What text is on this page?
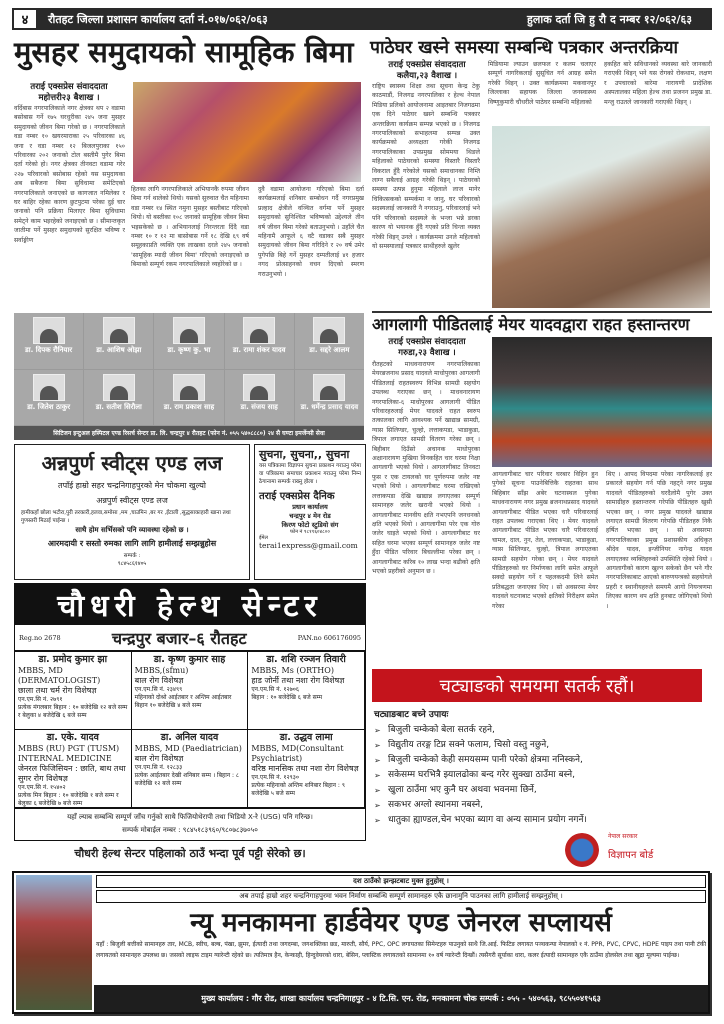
४	रौतहट जिल्ला प्रशासन कार्यालय दर्ता नं.०१७/०६२/०६३	हुलाक दर्ता जि हु रौ द नम्बर १२/०६२/६३
मुसहर समुदायको सामूहिक बिमा
तराई एक्सप्रेस संवाददाता
महोत्तरी२३ बैशाख ।
वर्दिबास नगरपालिकाले नगर क्षेत्रका थप २ वडामा बसोबास गर्ने १७५ घरधुरीका २४५ जना मुसहर समुदायको जीवन बिमा गरेको छ । नगरपालिकाले वडा नम्बर १० खयरमाराका २५ परिवारका ४६ जना र वडा नम्बर १२ बिजलपुराका १५० परिवारका २०२ जनाको टोल बस्तीमै पुगेर बिमा दर्ता गरेको हो। नगर क्षेत्रका तीनवटा वडामा गरेर २२७ परिवारको बसोबास रहेको यस समुदायका अब सबैजना बिमा सुविधामा समेटिएको नगरपालिकाले जनाएको छ कागजात नमिलेका र घर बाहिर रहेका कारण छुटपुटमा परेका दुई चार जनाको पनि प्रक्रिया मिलाएर बिमा सुविधामा समेट्ने काम भइरहेको जनाइएको छ । सीमान्तकृत जातीमा पर्ने मुसहर समुदायको सुरक्षित भविष्य र सर्वाङ्गीण
हितका लागि नगरपालिकाले अभियानकै रुपमा जीवन बिमा गर्न थालेको थियो। यसको सुरुवात चैत महिनामा वडा नम्बर १४ स्थित नमुना मुसहर बस्तीबाट गरिएको थियो। यो बस्तीका १०८ जनाको सामूहिक जीवन बिमा भइसकेको छ । अभियानलाई निरन्तरता दिंदै वडा नम्बर १० र १२ मा बासोबास गर्ने १८ देखि ६९ वर्ष समूहकाप्रति व्यक्ति एक लाखका दरले २४५ जनाको 'सामूहिक म्यादी जीवन बिमा' गरिएको जनाइएको छ बिमाको सम्पूर्ण रकम नगरपालिकाले व्यहोरेको छ ।
दुवै वडामा आयोजना गरिएको बिमा दर्ता कार्यक्रमलाई शनिबार सम्बोधन गर्दै नगरप्रमुख प्रल्हाद क्षेत्रीले वञ्चित वर्गमा पर्ने मुसहर समुदायको सुनिश्चित भविष्यको उद्देश्यले तीन वर्ष जीवन बिमा गरेको बताउनुभयो । उहाँले चैत महिनामै आफूले ६ वटै वडाका सबै मुसहर समुदायको जीवन बिमा गरिदिने र २० वर्ष उमेर पुगेपछि बिहे गर्ने मुसहर दम्पतीलाई ४१ हजार नगद प्रोत्साहनको वचन दिएको स्मरण गराउनुभयो ।
डा. दिपक रौनियार	डा. आशिष ओझा	डा. कृष्ण कु. भा	डा. रामा शंकर यादव	डा. सद्दरे आलम
डा. जितेश ठाकुर	डा. सतीश सिरौला	डा. राम प्रकाश साह	डा. संजय साह	डा. धर्मेन्द्र प्रसाद यादव
सिटिजन इन्टुअल हस्पिटल एण्ड रिसर्च सेन्टर प्रा. लि. चन्द्रपुर ४ रौतहट (फोन नं. ०५५ ५४०८८८०) २४ सै घण्टा इमर्जेन्सी सेवा
अन्नपुर्ण स्वीट्स एण्ड लज
तपाँई हाम्रो सहर चन्द्रनिगाहपुरको मेन चोकमा खुल्यो
अन्नपुर्ण स्वीट्स एण्ड लज
हामीकहाँ छोला भटौरा,पुरी तरकारी,हलवा,समोसा ,मम ,चाउमिन ,बर गर ,ईटाली ,सुद्धसाकाहारी खाना तथा गुणस्तरी मिठाई पाईन्छ ।
साथै होम सर्भिसको पनि व्यावस्था रहेको छ ।
आरमदायी र सस्तो रुमका लागि लागि हामीलाई सम्झन्नुहोस
सम्पर्क :
९८४५८६१४०५
सुचना, सुचना,, सुचना
यस पत्रिकामा विज्ञापन सुचना प्रकाशन गराउनु परेमा वा पत्रिकामा समाचार प्रकाशन गराउनु परेमा निम्न ठेगानामा सम्पर्क राख्नु होला ।
तराई एक्सप्रेस दैनिक
प्रधान कार्यालय
चन्द्रपुर ४ मेन रोड
किरण फोटो स्टुडियो संग
फोन नं ९८११६०४८००
ईमेल
terai1express@gmail.com
चौधरी हेल्थ सेन्टर
Reg.no 2678	चन्द्रपुर बजार–६ रौतहट	PAN.no 606176095
डा. प्रमोद कुमार झा
MBBS, MD (DERMATOLOGIST)
छाला तथा चर्म रोग विशेषज्ञ
एन.एम.सि नं. २७९१
प्रत्येक मंगलबार बिहान : १० बजेदेखि १२ बजे सम्म र बेलुका ४ बजेदेखि ६ बजे सम्म
डा. कृष्ण कुमार साह
MBBS,(sfmu)
बाल रोग विशेषज्ञ
एन.एम.सि नं. २३४९९
महिनाको दोश्रो आईतबार र अन्तिम आईतबार बिहान १० बजेदेखि ४ बजे सम्म
डा. शशि रञ्जन तिवारी
MBBS, Ms (ORTHO)
हाड जोर्नी तथा नशा रोग विशेषज्ञ
एन.एम.सि नं. १२७०६
बिहान : १० बजेदेखि ६ बजे सम्म
डा. एके. यादव
MBBS (RU) PGT (TUSM) INTERNAL MEDICINE
जेनरल फिजिसियन : छाति, बाथ तथा सुगर रोग विशेषज्ञ
एन.एम.सि नं. १५४०२
प्रत्येक मिन बिहान : १० बजेदेखि १ बजे सम्म र बेलुका ६ बजेदेखि ७ बजे सम्म
डा. अनिल यादव
MBBS, MD (Paediatrician)
बाल रोग विशेषज्ञ
एन.एम.सि नं. १२८३३
प्रत्येक आईतबार देखी शनिबार सम्म । बिहान : ८ बजेदेखि १२ बजे सम्म
डा. उद्धव लामा
MBBS, MD(Consultant Psychiatrist)
वरिष्ठ मानसिक तथा नशा रोग विशेषज्ञ
एन.एम.सि नं. १२९३०
प्रत्येक महिनाको अन्तिम शनिबार बिहान : ९ बजेदेखि ५ बजे सम्म
यहाँ ल्याब सम्बन्धि सम्पूर्ण जाँच गर्नुको साथै फिजियोथेरापी तथा भिडियो X-रे (USG) पनि गरिन्छ।
सम्पर्क मोबाईल नम्बर : ९८४५१८३९६०/९८०७८३७०५०
चौधरी हेल्थ सेन्टर पहिलाको ठाउँ भन्दा पूर्व पट्टी सेरेको छ।
पाठेघर खस्ने समस्या सम्बन्धि पत्रकार अन्तरक्रिया
तराई एक्सप्रेस संवाददाता
कलैया,२३ वैशाख ।
राष्ट्रिय स्वास्थ्य शिक्षा तथा सूचना केन्द्र टेकु काठमाडौं, निजगढ नगरपालिका र हेल्थ नेपाल मिडिया प्रलिको आयोजनामा आइतबार निजगढमा एक दिने पाठेघर खस्ने सम्बन्धि पत्रकार अन्तरक्रिया कार्यक्रम सम्पन्न भएको छ । निजगढ नगरपालिकाको सभाहलमा सम्पन्न उक्त कार्यक्रमको अध्यक्षता गरेकी निजगढ नगरपालिकाका उपप्रमुख सोममया थिङले महिलाको पाठेघरको समस्या विस्तारै विस्तारै विकराल हुँदै गरेकोले यसको समाधानका निम्ति लाग्न सबैलाई आग्रह गरेकी थिइन् । पाठेघरको समस्या उत्पन्न हुनुमा महिलाले लाज मानेर चिकित्सकको सम्पर्कमा न जानु, घर परिवारको सदस्यलाई जानकारी नै नगराउनु, परिवारलाई भने पनि परिवारको सदस्यले के भन्ला भन्ने डरका कारण यो भयानक हुँदै गएको प्रति चिन्ता व्यक्त गरेकी थिइन् उनले । कार्यक्रममा उनले महिलाको यो समस्यालाई पत्रकार साथीहरुले खुलेर
मिडियामा ल्याउन छलफल र कलम चलाएर सम्पूर्ण नागरिकलाई सुसूचित गर्न आग्रह समेत गरेकी थिइन् । उक्त कार्यक्रममा मकवानपुर जिल्लाका सहायक जिल्ला जनस्वास्थ्य विष्णुकुमारी चौधरीले पाठेघर सम्बन्धि महिलाको
हकहित बारे सविधानको व्यवस्था बारे जानकारी गराएकी थिइन् भने यस रोगको रोकथाम, लक्षण र उपचारको बारेमा नारायणी प्रादेशिक अस्पतालका महिला हेल्थ तथा प्रजनन प्रमुख डा. मन्जु राउतले जानकारी गराएकी थिइन् ।
आगलागी पीडितलाई मेयर यादवद्वारा राहत हस्तान्तरण
तराई एक्सप्रेस संवाददाता
गरुडा,२३ वैशाख ।
रौतहटको माधवनारायण नगरपालिकाका मेयरब्रजनाथ प्रसाद यादवले माधोपुरका आगलागी पीडितलाई राहतस्वरुप विभिन्न सामग्री सहयोग उपलब्ध गराएका छन् । माधवनारायण नगरपालिका-६ माधोपुरका आगलागी पीडित परिवारहरुलाई मेयर यादवले राहत स्वरुप तत्कालका लागि आवश्यक पर्ने खाद्यान्न सामग्री, ग्यास सिलिण्डर, चुल्हो, लत्ताकपडा, भाडाकुडा, त्रिपाल लगाएत सामग्री वितरण गरेका छन् । बिहीबार दिउँसो अचानक माधोपुरका अक्षानारायण मुखिया विनकहित चार घरमा निक्षा आगलागी भएको थियो । आगलागीबाट तिनवटा फुस र एक टायलको घर पूर्णरुपमा जलेर नष्ट भएको थियो । आगलागीबाट घरमा राखिएको लत्ताकपडा देखि खाद्यान्न लगाएतका सम्पूर्ण सामानहरु जलेर खरानी भएको थियो । आगलागीबाट मानवीय क्षति नभएपनि जनधनको क्षति भएको थियो । आगलागीमा परेर एक गोरु जलेर घाइते भएको थियो । आगलागीबाट घर सहित घरमा भएका सम्पूर्ण सामानहरु जलेर नष्ट हुँदा पीडित परिवार बिचल्लीमा परेका छन् । आगलागीबाट करिब १० लाख भन्दा बढीको क्षति भएको प्रहरीको अनुमान छ ।
आगलागीबाट चार परिवार घरबार विहिन हुन पुगेको सूचना पाउनेबित्तिकै राहतका साथ बिहिबार साँझ अबेर घटनास्थल पुगेका माधवनारायण नगर प्रमुख ब्रजनाथप्रसाद यादवले आगलागीबाट पीडित भएका चारै परिवारलाई राहत उपलब्ध गराएका थिए । मेयर यादवले आगलागीबाट पीडित भएका चारै परिवारलाई चामल, दाल, नुन, तेल, लत्ताकपडा, भाडाकुडा, ग्यास सिलिण्डर, चुल्हो, त्रिपाल लगाएतका सामग्री सहयोग गरेका छन् । मेयर यादवले पीडितहरुको घर निर्माणका लागि समेत आफूले सक्दो सहयोग गर्ने र पहलकदमी लिने समेत प्रतिबद्धता जनाएका थिए । सो अवसरमा मेयर यादवले घटनाबाट भएको क्षतिको निरीक्षण समेत गरेका
थिए । आपद विपदमा परेका नागरिकलाई हर प्रकारले सहयोग गर्न पछि नहट्ने नगर प्रमुख यादवले पीडितहरुको घरदैलोमै पुगेर उक्त सामाग्रीहरु हस्तान्तरण गरेपछि पीडितहरु खुसी भएका छन् । नगर प्रमुख यादवले खाद्यान्न लगाएत सामग्री वितरण गरेपछि पीडितहरु निकै हर्षित भएका छन् । सो अवसरमा नगरपालिकाका प्रमुख प्रशासकीय अधिकृत श्रीदेव यादव, इन्जीनियर नागेन्द्र यादव लगाएतका व्यक्तिहरुको उपस्थिति रहेको थियो । आगलागीको कारण खुल्न सकेको छैन भने गौर नगरपालिकाबाट आएको बारुणयन्त्रको सहयोगले प्रहरी र स्थानीयहरुले समयमै आगो नियन्त्रणमा लिएका कारण थप क्षति हुनबाट जोगिएको थियो ।
चट्याङको समयमा सतर्क रहौं।
चट्याङबाट बच्ने उपायः
➢ बिजुली चम्केको बेला सतर्क रहने,
➢ विद्युतीय तरङ्ग टिप्न सक्ने फलाम, चिसो वस्तु नछुने,
➢ बिजुली चम्केको केही समयसम्म पानी परेको क्षेत्रमा ननिस्कने,
➢ सकेसम्म घरभित्रै झ्यालढोका बन्द गरेर सुक्खा ठाउँमा बस्ने,
➢ खुला ठाउँमा भए कुनै घर अथवा भवनमा छिर्ने,
➢ सकभर अग्लो स्थानमा नबस्ने,
➢ धातुका ह्याण्डल,चेन भएका ब्याग वा अन्य सामान प्रयोग नगर्ने।
नेपाल सरकार
विज्ञापन बोर्ड
दश ठाउँको झन्झटबाट मुक्त हुनुहोस् ।
अब तपाई हाम्रो शहर चन्द्रनिगाहपुरमा भवन निर्माण सम्बन्धि सम्पूर्ण सामानहरु एकै छानामुनि पाउनका लागि हामीलाई सम्झनुहोस् ।
न्यू मनकामना हार्डवेयर एण्ड जेनरल सप्लायर्स
यहाँ : बिजुली बत्तीको सामानहरु तार, MCB, स्वीच, बल्ब, पंखा, झुमर, ईत्यादी तथा जगदम्बा, जगशक्तिका छड, मारुती, सौर्य, PPC, OPC लगायतका सिमेन्टहरु पाउनुको साथै जि.आई. फिटिङ लगायत पञ्चकन्या नेपालको १ नं. PPR, PVC, CPVC, HDPE पाइप तथा पानी टंकी लगायतको सामानहरु उपलब्ध छ। जसको लाइफ टाइम ग्यारेन्टी रहेको छ। त्यतिमात्र हैन, केन्काही, हिन्दुवेयरको धारा, बेसिन, प्लास्टिक लगायतको सामानमा १० वर्ष ग्यारेन्टी दिन्छौं। त्यसैगरी सूर्याका धारा, कलर ईत्यादी सामानहरु एकै ठाउँमा होलसेल तथा खुद्रा मूल्यमा पाईन्छ।
मुख्य कार्यालय : गौर रोड, शाखा कार्यालय चन्द्रनिगाहपुर - ४ टि.सि. एन. रोड, मनकामना चोक सम्पर्क : ०५५ - ५४०५६३, ९८५५०४१५६३
